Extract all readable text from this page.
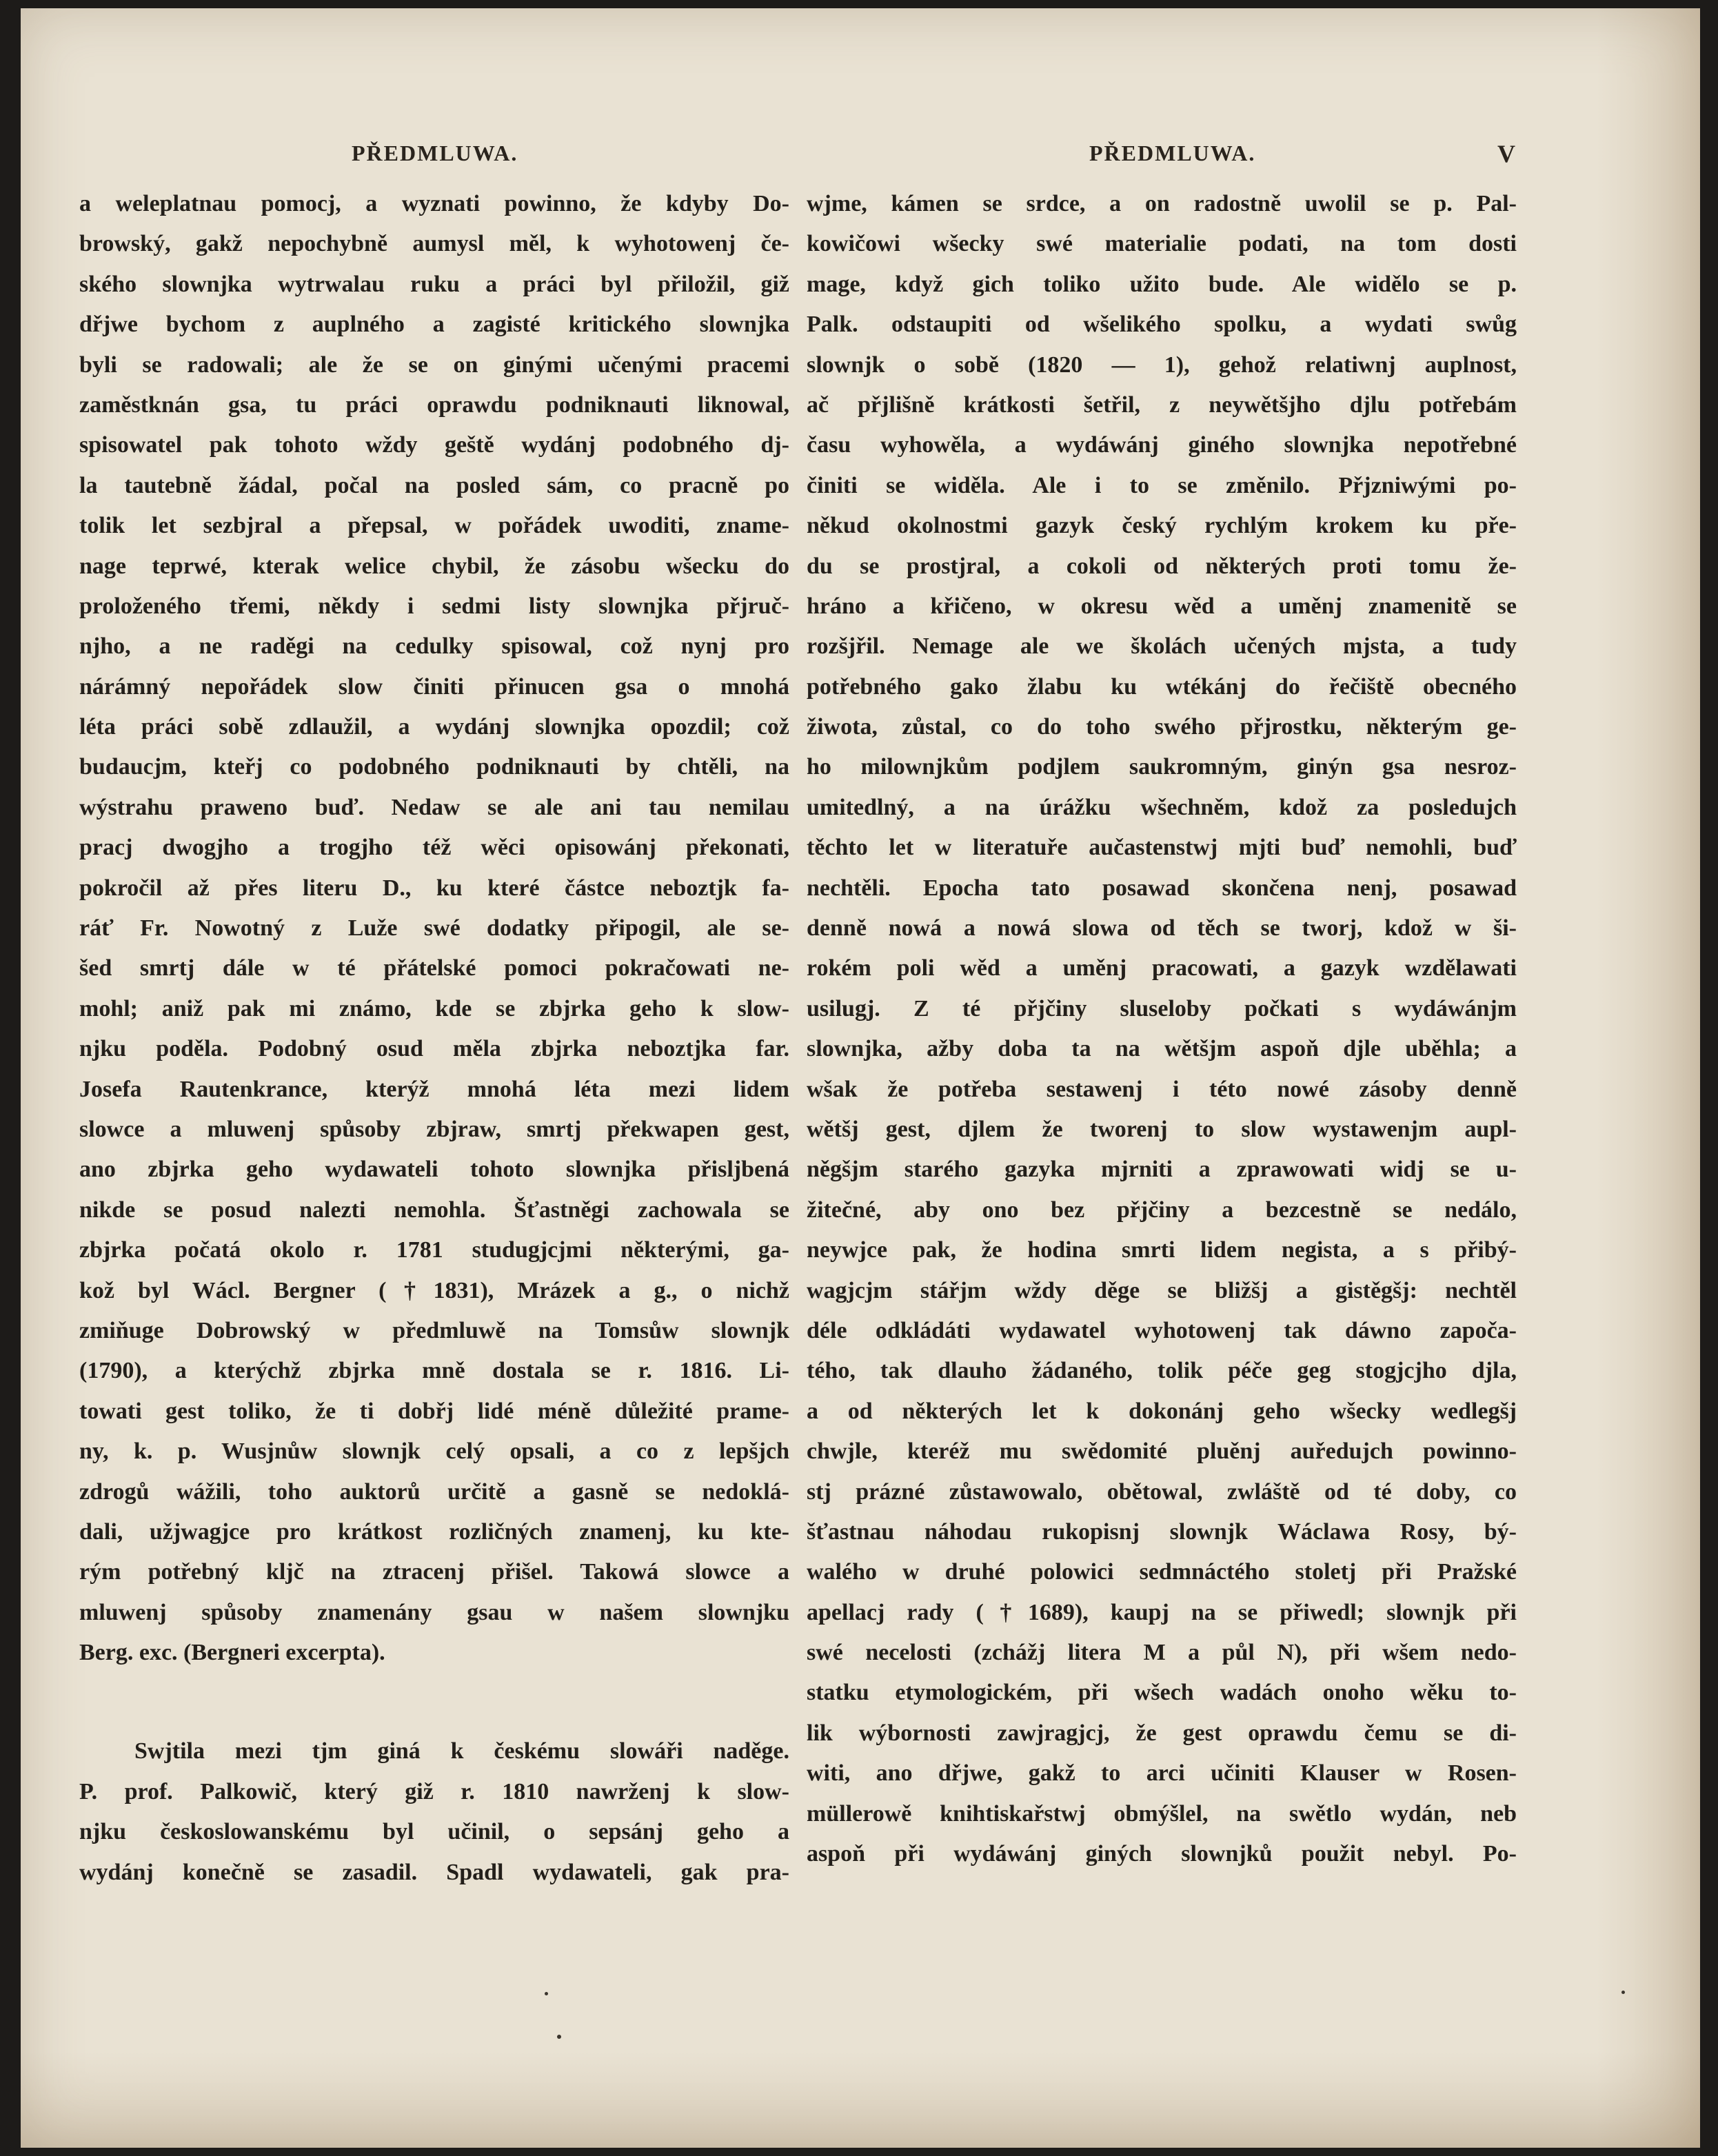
PŘEDMLUWA.	PŘEDMLUWA.	V
a weleplatnau pomocj, a wyznati powinno, že kdyby Do-
browský, gakž nepochybně aumysl měl, k wyhotowenj če-
ského slownjka wytrwalau ruku a práci byl přiložil, giž
dřjwe bychom z auplného a zagisté kritického slownjka
byli se radowali; ale že se on ginými učenými pracemi
zaměstknán gsa, tu práci oprawdu podniknauti liknowal,
spisowatel pak tohoto wždy geště wydánj podobného dj-
la tautebně žádal, počal na posled sám, co pracně po
tolik let sezbjral a přepsal, w pořádek uwoditi, zname-
nage teprwé, kterak welice chybil, že zásobu wšecku do
proloženého třemi, někdy i sedmi listy slownjka přjruč-
njho, a ne raděgi na cedulky spisowal, což nynj pro
nárámný nepořádek slow činiti přinucen gsa o mnohá
léta práci sobě zdlaužil, a wydánj slownjka opozdil; což
budaucjm, kteřj co podobného podniknauti by chtěli, na
wýstrahu praweno buď. Nedaw se ale ani tau nemilau
pracj dwogjho a trogjho též wěci opisowánj překonati,
pokročil až přes literu D., ku které částce neboztjk fa-
ráť Fr. Nowotný z Luže swé dodatky připogil, ale se-
šed smrtj dále w té přátelské pomoci pokračowati ne-
mohl; aniž pak mi známo, kde se zbjrka geho k slow-
njku poděla. Podobný osud měla zbjrka neboztjka far.
Josefa Rautenkrance, kterýž mnohá léta mezi lidem
slowce a mluwenj spůsoby zbjraw, smrtj překwapen gest,
ano zbjrka geho wydawateli tohoto slownjka přisljbená
nikde se posud nalezti nemohla. Šťastněgi zachowala se
zbjrka počatá okolo r. 1781 studugjcjmi některými, ga-
kož byl Wácl. Bergner (†1831), Mrázek a g., o nichž
zmiňuge Dobrowský w předmluwě na Tomsůw slownjk
(1790), a kterýchž zbjrka mně dostala se r. 1816. Li-
towati gest toliko, že ti dobřj lidé méně důležité prame-
ny, k. p. Wusjnůw slownjk celý opsali, a co z lepšjch
zdrogů wážili, toho auktorů určitě a gasně se nedoklá-
dali, užjwagjce pro krátkost rozličných znamenj, ku kte-
rým potřebný kljč na ztracenj přišel. Takowá slowce a
mluwenj spůsoby znamenány gsau w našem slownjku
Berg. exc. (Bergneri excerpta).
Swjtila mezi tjm giná k českému slowáři naděge.
P. prof. Palkowič, který giž r. 1810 nawrženj k slow-
njku českoslowanskému byl učinil, o sepsánj geho a
wydánj konečně se zasadil. Spadl wydawateli, gak pra-
wjme, kámen se srdce, a on radostně uwolil se p. Pal-
kowičowi wšecky swé materialie podati, na tom dosti
mage, když gich toliko užito bude. Ale widělo se p.
Palk. odstaupiti od wšelikého spolku, a wydati swůg
slownjk o sobě (1820 — 1), gehož relatiwnj auplnost,
ač přjlišně krátkosti šetřil, z neywětšjho djlu potřebám
času wyhowěla, a wydáwánj giného slownjka nepotřebné
činiti se widěla. Ale i to se změnilo. Přjzniwými po-
někud okolnostmi gazyk český rychlým krokem ku pře-
du se prostjral, a cokoli od některých proti tomu že-
hráno a křičeno, w okresu wěd a uměnj znamenitě se
rozšjřil. Nemage ale we školách učených mjsta, a tudy
potřebného gako žlabu ku wtékánj do řečiště obecného
žiwota, zůstal, co do toho swého přjrostku, některým ge-
ho milownjkům podjlem saukromným, ginýn gsa nesroz-
umitedlný, a na úrážku wšechněm, kdož za posledujch
těchto let w literatuře aučastenstwj mjti buď nemohli, buď
nechtěli. Epocha tato posawad skončena nenj, posawad
denně nowá a nowá slowa od těch se tworj, kdož w ši-
rokém poli wěd a uměnj pracowati, a gazyk wzdělawati
usilugj. Z té přjčiny sluseloby počkati s wydáwánjm
slownjka, ažby doba ta na wětšjm aspoň djle uběhla; a
wšak že potřeba sestawenj i této nowé zásoby denně
wětšj gest, djlem že tworenj to slow wystawenjm aupl-
něgšjm starého gazyka mjrniti a zprawowati widj se u-
žitečné, aby ono bez přjčiny a bezcestně se nedálo,
neywjce pak, že hodina smrti lidem negista, a s přibý-
wagjcjm stářjm wždy děge se bližšj a gistěgšj: nechtěl
déle odkládáti wydawatel wyhotowenj tak dáwno započa-
tého, tak dlauho žádaného, tolik péče geg stogjcjho djla,
a od některých let k dokonánj geho wšecky wedlegšj
chwjle, kteréž mu swědomité pluěnj auředujch powinno-
stj prázné zůstawowalo, obětowal, zwláště od té doby, co
šťastnau náhodau rukopisnj slownjk Wáclawa Rosy, bý-
walého w druhé polowici sedmnáctého stoletj při Pražské
apellacj rady (†1689), kaupj na se přiwedl; slownjk při
swé necelosti (zchážj litera M a půl N), při wšem nedo-
statku etymologickém, při wšech wadách onoho wěku to-
lik wýbornosti zawjragjcj, že gest oprawdu čemu se di-
witi, ano dřjwe, gakž to arci učiniti Klauser w Rosen-
müllerowě knihtiskařstwj obmýšlel, na swětlo wydán, neb
aspoň při wydáwánj giných slownjků použit nebyl. Po-
